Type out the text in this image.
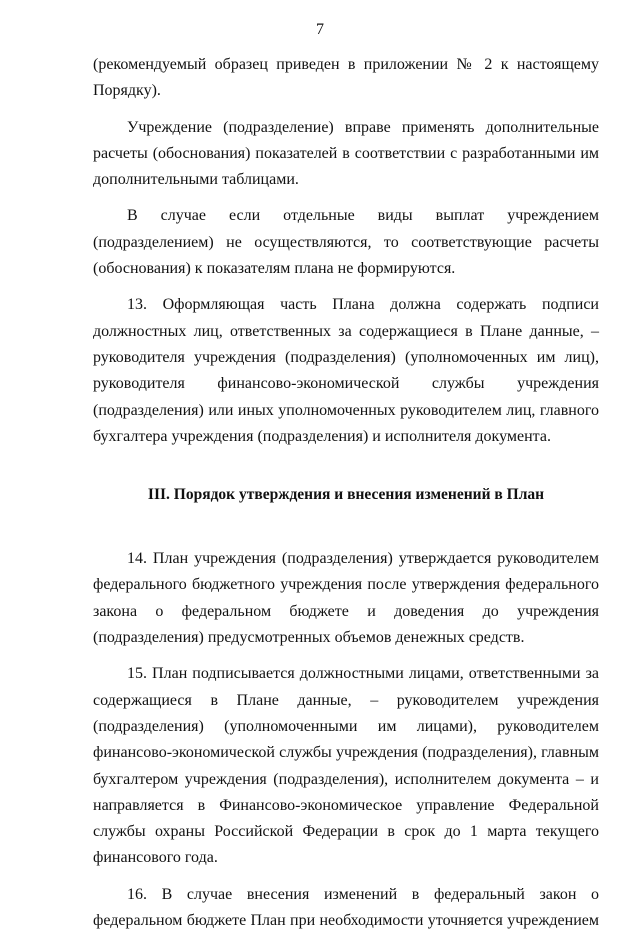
7

(рекомендуемый образец приведен в приложении № 2 к настоящему Порядку).

Учреждение (подразделение) вправе применять дополнительные расчеты (обоснования) показателей в соответствии с разработанными им дополнительными таблицами.

В случае если отдельные виды выплат учреждением (подразделением) не осуществляются, то соответствующие расчеты (обоснования) к показателям плана не формируются.

13. Оформляющая часть Плана должна содержать подписи должностных лиц, ответственных за содержащиеся в Плане данные, – руководителя учреждения (подразделения) (уполномоченных им лиц), руководителя финансово-экономической службы учреждения (подразделения) или иных уполномоченных руководителем лиц, главного бухгалтера учреждения (подразделения) и исполнителя документа.

III. Порядок утверждения и внесения изменений в План

14. План учреждения (подразделения) утверждается руководителем федерального бюджетного учреждения после утверждения федерального закона о федеральном бюджете и доведения до учреждения (подразделения) предусмотренных объемов денежных средств.

15. План подписывается должностными лицами, ответственными за содержащиеся в Плане данные, – руководителем учреждения (подразделения) (уполномоченными им лицами), руководителем финансово-экономической службы учреждения (подразделения), главным бухгалтером учреждения (подразделения), исполнителем документа – и направляется в Финансово-экономическое управление Федеральной службы охраны Российской Федерации в срок до 1 марта текущего финансового года.

16. В случае внесения изменений в федеральный закон о федеральном бюджете План при необходимости уточняется учреждением
